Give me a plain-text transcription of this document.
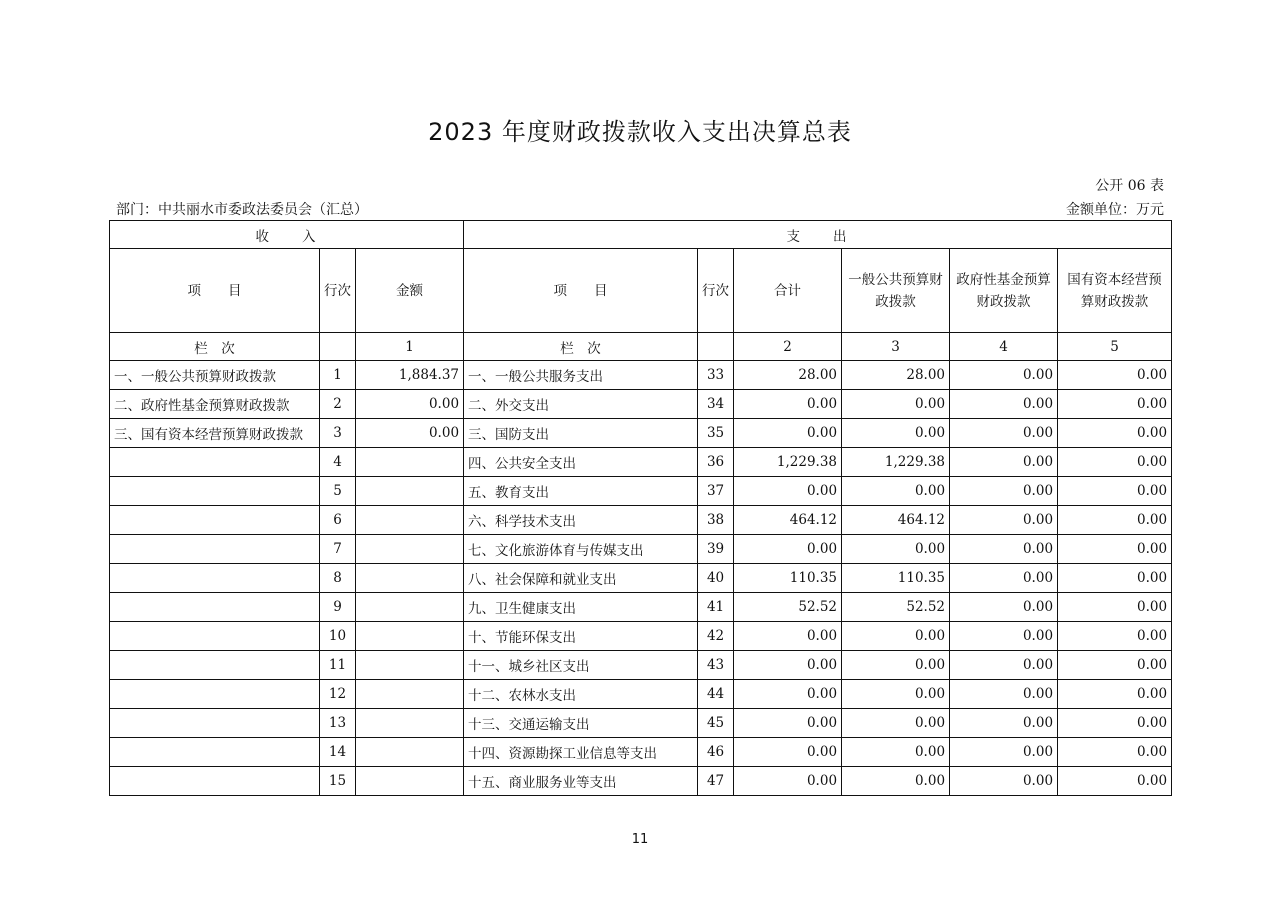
2023 年度财政拨款收入支出决算总表
公开 06 表
部门：中共丽水市委政法委员会（汇总）	金额单位：万元
收　　入			支　　出					
项　　目	行次	金额	项　　目	行次	合计	一般公共预算财政拨款	政府性基金预算财政拨款	国有资本经营预算财政拨款
栏　次		1	栏　次		2	3	4	5
一、一般公共预算财政拨款	1	1,884.37	一、一般公共服务支出	33	28.00	28.00	0.00	0.00
二、政府性基金预算财政拨款	2	0.00	二、外交支出	34	0.00	0.00	0.00	0.00
三、国有资本经营预算财政拨款	3	0.00	三、国防支出	35	0.00	0.00	0.00	0.00
	4		四、公共安全支出	36	1,229.38	1,229.38	0.00	0.00
	5		五、教育支出	37	0.00	0.00	0.00	0.00
	6		六、科学技术支出	38	464.12	464.12	0.00	0.00
	7		七、文化旅游体育与传媒支出	39	0.00	0.00	0.00	0.00
	8		八、社会保障和就业支出	40	110.35	110.35	0.00	0.00
	9		九、卫生健康支出	41	52.52	52.52	0.00	0.00
	10		十、节能环保支出	42	0.00	0.00	0.00	0.00
	11		十一、城乡社区支出	43	0.00	0.00	0.00	0.00
	12		十二、农林水支出	44	0.00	0.00	0.00	0.00
	13		十三、交通运输支出	45	0.00	0.00	0.00	0.00
	14		十四、资源勘探工业信息等支出	46	0.00	0.00	0.00	0.00
	15		十五、商业服务业等支出	47	0.00	0.00	0.00	0.00
11
